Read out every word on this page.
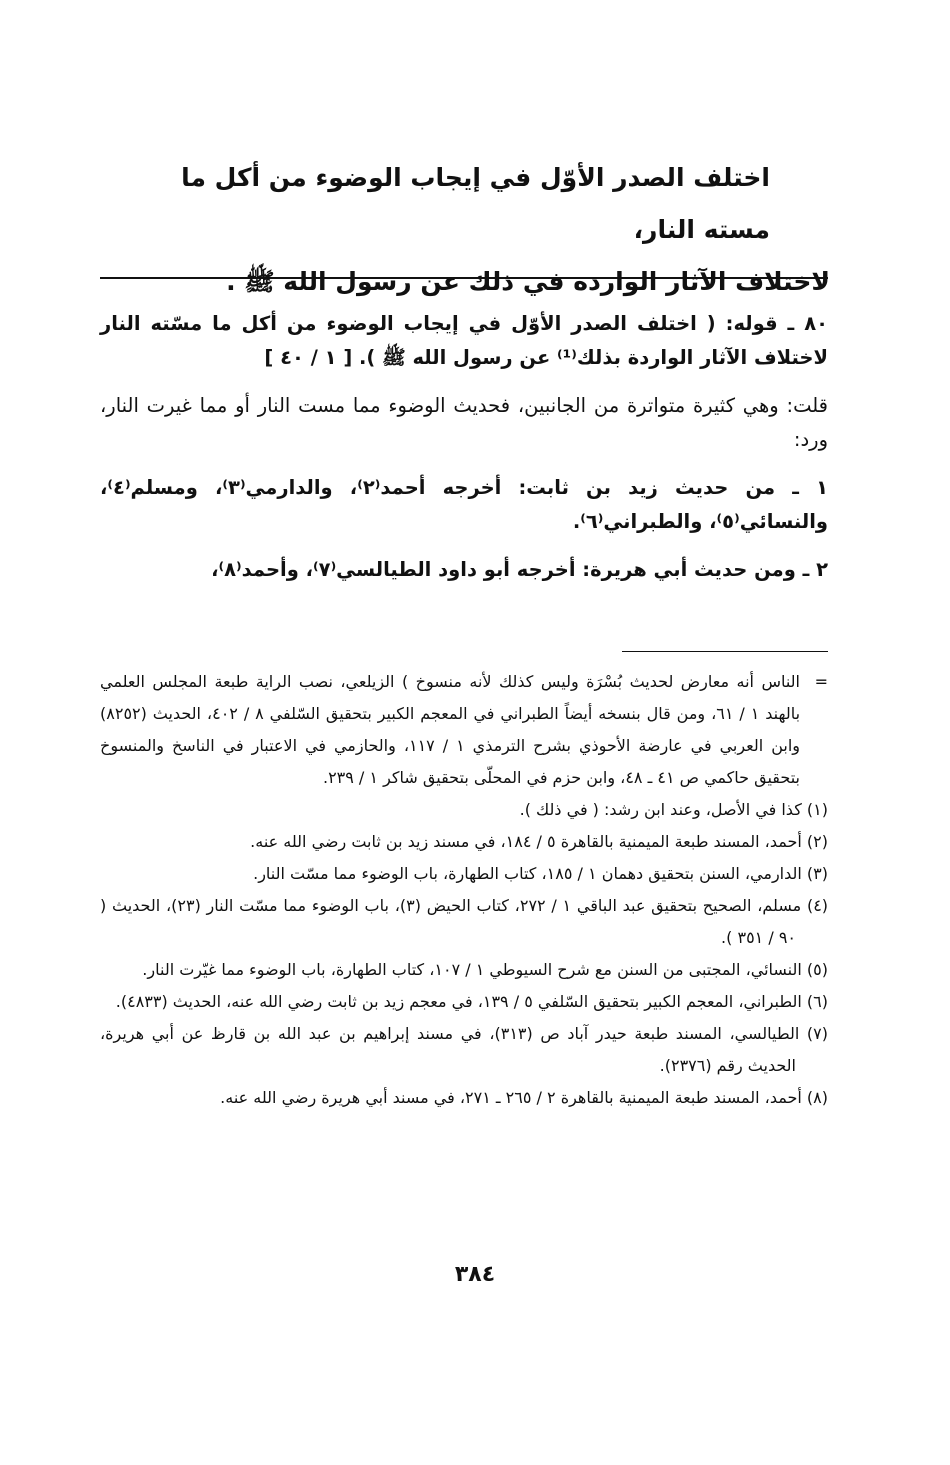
اختلف الصدر الأوّل في إيجاب الوضوء من أكل ما مسته النار،

لاختلاف الآثار الواردة في ذلك عن رسول الله ﷺ .

٨٠ ـ قوله: ( اختلف الصدر الأوّل في إيجاب الوضوء من أكل ما مسّته النار لاختلاف الآثار الواردة بذلك⁽¹⁾ عن رسول الله ﷺ ). [ ١ / ٤٠ ]

قلت: وهي كثيرة متواترة من الجانبين، فحديث الوضوء مما مست النار أو مما غيرت النار، ورد:

١ ـ من حديث زيد بن ثابت: أخرجه أحمد⁽٢⁾، والدارمي⁽٣⁾، ومسلم⁽٤⁾، والنسائي⁽٥⁾، والطبراني⁽٦⁾.

٢ ـ ومن حديث أبي هريرة: أخرجه أبو داود الطيالسي⁽٧⁾، وأحمد⁽٨⁾،

=
الناس أنه معارض لحديث بُسْرَة وليس كذلك لأنه منسوخ ) الزيلعي، نصب الراية طبعة المجلس العلمي بالهند ١ / ٦١، ومن قال بنسخه أيضاً الطبراني في المعجم الكبير بتحقيق السّلفي ٨ / ٤٠٢، الحديث (٨٢٥٢) وابن العربي في عارضة الأحوذي بشرح الترمذي ١ / ١١٧، والحازمي في الاعتبار في الناسخ والمنسوخ بتحقيق حاكمي ص ٤١ ـ ٤٨، وابن حزم في المحلّى بتحقيق شاكر ١ / ٢٣٩.

(١) كذا في الأصل، وعند ابن رشد: ( في ذلك ).

(٢) أحمد، المسند طبعة الميمنية بالقاهرة ٥ / ١٨٤، في مسند زيد بن ثابت رضي الله عنه.

(٣) الدارمي، السنن بتحقيق دهمان ١ / ١٨٥، كتاب الطهارة، باب الوضوء مما مسّت النار.

(٤) مسلم، الصحيح بتحقيق عبد الباقي ١ / ٢٧٢، كتاب الحيض (٣)، باب الوضوء مما مسّت النار (٢٣)، الحديث ( ٩٠ / ٣٥١ ).

(٥) النسائي، المجتبى من السنن مع شرح السيوطي ١ / ١٠٧، كتاب الطهارة، باب الوضوء مما غيّرت النار.

(٦) الطبراني، المعجم الكبير بتحقيق السّلفي ٥ / ١٣٩، في معجم زيد بن ثابت رضي الله عنه، الحديث (٤٨٣٣).

(٧) الطيالسي، المسند طبعة حيدر آباد ص (٣١٣)، في مسند إبراهيم بن عبد الله بن قارظ عن أبي هريرة، الحديث رقم (٢٣٧٦).

(٨) أحمد، المسند طبعة الميمنية بالقاهرة ٢ / ٢٦٥ ـ ٢٧١، في مسند أبي هريرة رضي الله عنه.

٣٨٤
